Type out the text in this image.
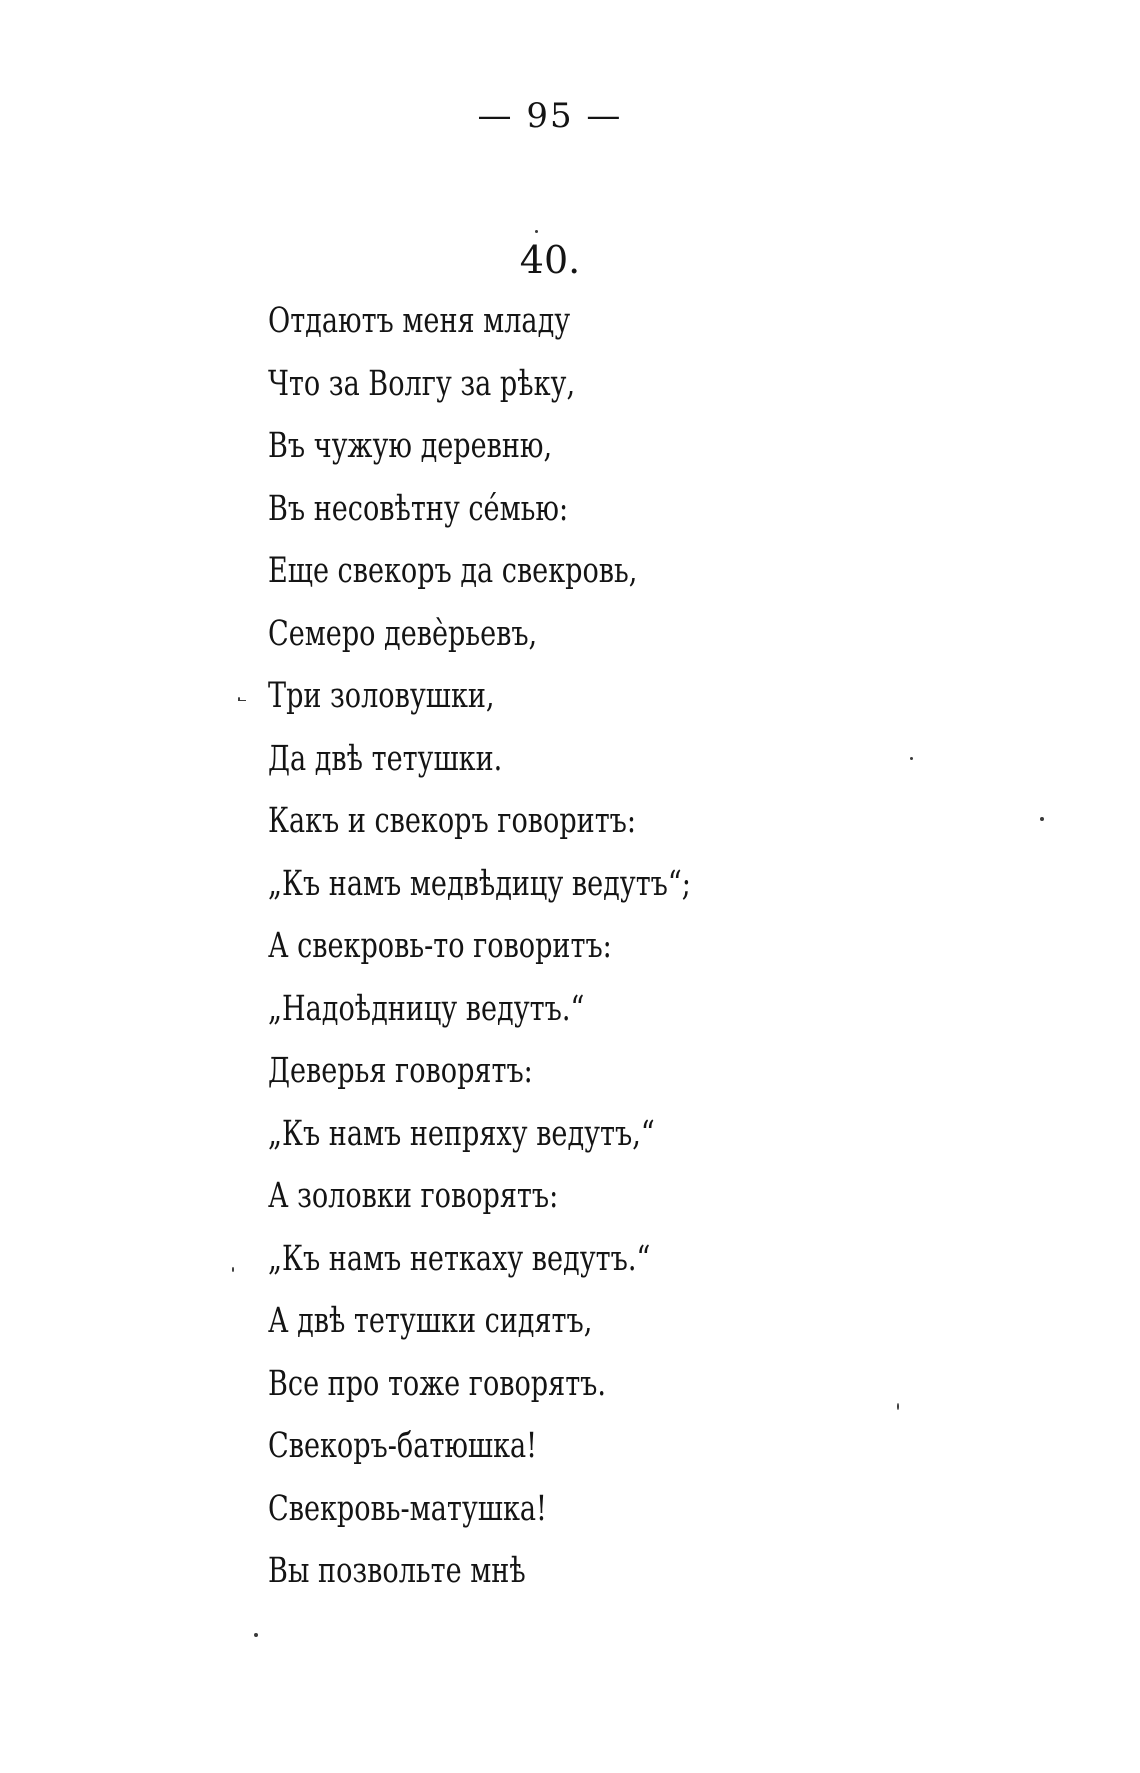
— 95 —
40.
Отдаютъ меня младу
Что за Волгу за рѣку,
Въ чужую деревню,
Въ несовѣтну се́мью:
Еще свекоръ да свекровь,
Семеро девѐрьевъ,
Три золовушки,
Да двѣ тетушки.
Какъ и свекоръ говоритъ:
„Къ намъ медвѣдицу ведутъ“;
А свекровь-то говоритъ:
„Надоѣдницу ведутъ.“
Деверья говорятъ:
„Къ намъ непряху ведутъ,“
А золовки говорятъ:
„Къ намъ неткаху ведутъ.“
А двѣ тетушки сидятъ,
Все про тоже говорятъ.
Свекоръ-батюшка!
Свекровь-матушка!
Вы позвольте мнѣ
